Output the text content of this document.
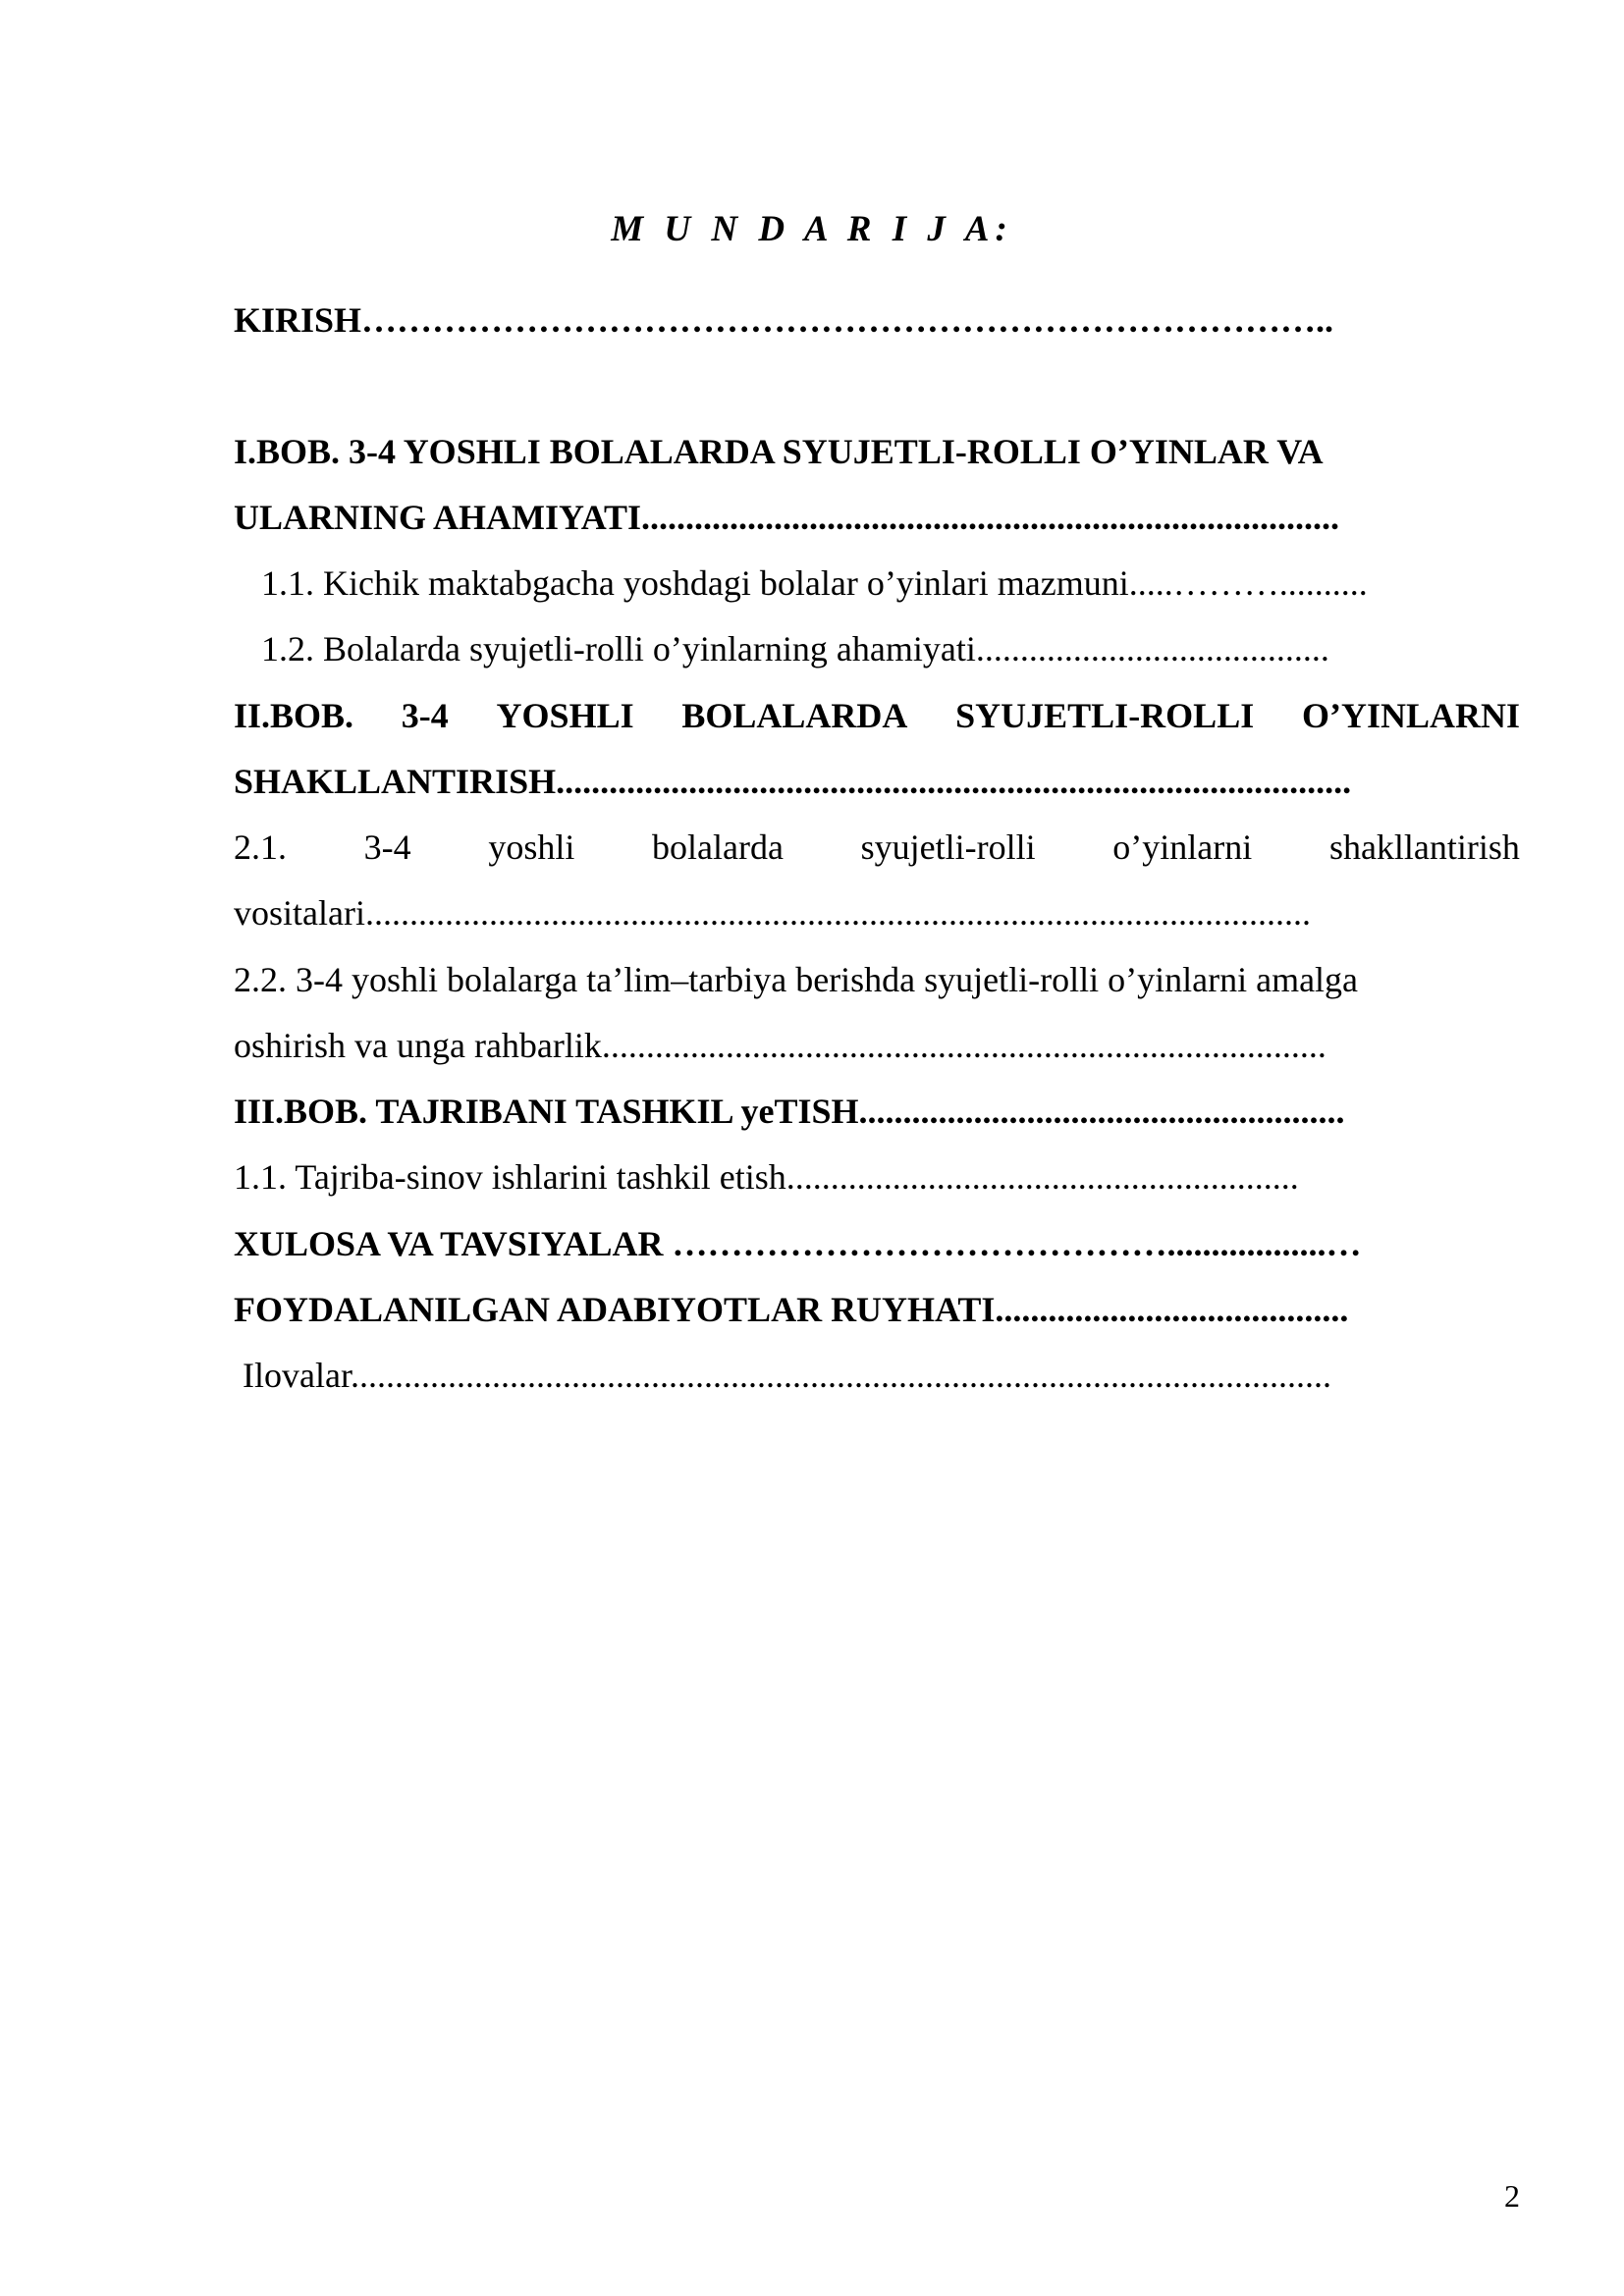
M U N D A R I J A:
KIRISH………………………………………………………………………..
I.BOB. 3-4 YOSHLI BOLALARDA SYUJETLI-ROLLI O’YINLAR VA
ULARNING AHAMIYATI...............................................................................
1.1. Kichik maktabgacha yoshdagi bolalar o’yinlari mazmuni.....………..........
1.2. Bolalarda syujetli-rolli o’yinlarning ahamiyati........................................
II.BOB. 3-4 YOSHLI BOLALARDA SYUJETLI-ROLLI O’YINLARNI
SHAKLLANTIRISH..........................................................................................
2.1. 3-4 yoshli bolalarda syujetli-rolli o’yinlarni shakllantirish
vositalari...........................................................................................................
2.2. 3-4 yoshli bolalarga ta’lim–tarbiya berishda syujetli-rolli o’yinlarni amalga
oshirish va unga rahbarlik..................................................................................
III.BOB. TAJRIBANI TASHKIL yeTISH.......................................................
1.1. Tajriba-sinov ishlarini tashkil etish..........................................................
XULOSA VA TAVSIYALAR ……………………………………..................…
FOYDALANILGAN ADABIYOTLAR RUYHATI........................................
Ilovalar...............................................................................................................
2
